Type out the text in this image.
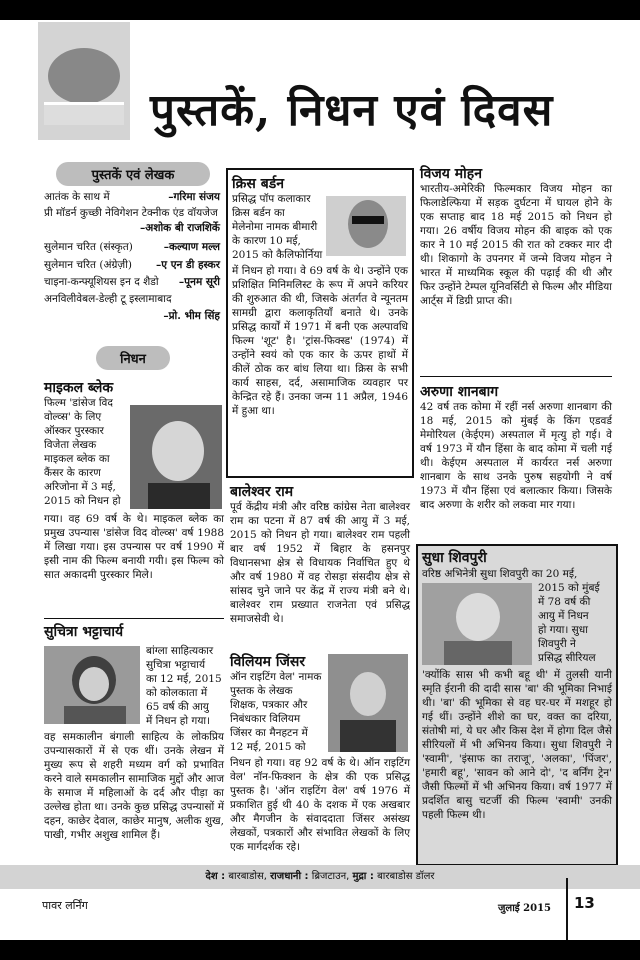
पुस्तकें, निधन एवं दिवस
पुस्तकें एवं लेखक
आतंक के साथ में	–गरिमा संजय
प्री मॉडर्न कुच्छी नेविगेशन टेक्नीक एंड वॉयजेज
–अशोक बी राजशिर्के
सुलेमान चरित (संस्कृत)	–कल्याण मल्ल
सुलेमान चरित (अंग्रेज़ी) –ए एन डी हस्कर
चाइना-कन्फ्यूशियस इन द शैडो –पूनम सूरी
अनविलीवेबल-डेल्ही टू इस्लामाबाद
–प्रो. भीम सिंह
निधन
माइकल ब्लेक
फिल्म 'डांसेज विद
वोल्व्स' के लिए
ऑस्कर पुरस्कार
विजेता लेखक
माइकल ब्लेक का
कैंसर के कारण
अरिजोना में 3 मई,
2015 को निधन हो
गया। वह 69 वर्ष के थे। माइकल ब्लेक का प्रमुख उपन्यास 'डांसेज विद वोल्व्स' वर्ष 1988 में लिखा गया। इस उपन्यास पर वर्ष 1990 में इसी नाम की फिल्म बनायी गयी। इस फिल्म को सात अकादमी पुरस्कार मिले।
सुचित्रा भट्टाचार्य
बांग्ला साहित्यकार
सुचित्रा भट्टाचार्य
का 12 मई, 2015
को कोलकाता में
65 वर्ष की आयु
में निधन हो गया।
वह समकालीन बंगाली साहित्य के लोकप्रिय उपन्यासकारों में से एक थीं। उनके लेखन में मुख्य रूप से शहरी मध्यम वर्ग को प्रभावित करने वाले समकालीन सामाजिक मुद्दों और आज के समाज में महिलाओं के दर्द और पीड़ा का उल्लेख होता था। उनके कुछ प्रसिद्ध उपन्यासों में दहन, काछेर देवाल, काछेर मानुष, अलीक शुख, पाखी, गभीर अशुख शामिल हैं।
क्रिस बर्डन
प्रसिद्ध पॉप कलाकार
क्रिस बर्डन का
मेलेनोमा नामक बीमारी
के कारण 10 मई,
2015 को कैलिफोर्निया
में निधन हो गया। वे 69 वर्ष के थे। उन्होंने एक प्रशिक्षित मिनिमलिस्ट के रूप में अपने करियर की शुरुआत की थी, जिसके अंतर्गत वे न्यूनतम सामग्री द्वारा कलाकृतियाँ बनाते थे। उनके प्रसिद्ध कार्यों में 1971 में बनी एक अल्पावधि फिल्म 'शूट' है। 'ट्रांस-फिक्स्ड' (1974) में उन्होंने स्वयं को एक कार के ऊपर हाथों में कीलें ठोक कर बांध लिया था। क्रिस के सभी कार्य साहस, दर्द, असामाजिक व्यवहार पर केन्द्रित रहे हैं। उनका जन्म 11 अप्रैल, 1946 में हुआ था।
बालेश्वर राम
पूर्व केंद्रीय मंत्री और वरिष्ठ कांग्रेस नेता बालेश्वर राम का पटना में 87 वर्ष की आयु में 3 मई, 2015 को निधन हो गया। बालेश्वर राम पहली बार वर्ष 1952 में बिहार के हसनपुर विधानसभा क्षेत्र से विधायक निर्वाचित हुए थे और वर्ष 1980 में वह रोसड़ा संसदीय क्षेत्र से सांसद चुने जाने पर केंद्र में राज्य मंत्री बने थे। बालेश्वर राम प्रख्यात राजनेता एवं प्रसिद्ध समाजसेवी थे।
विलियम जिंसर
ऑन राइटिंग वेल' नामक
पुस्तक के लेखक
शिक्षक, पत्रकार और
निबंधकार विलियम
जिंसर का मैनहटन में
12 मई, 2015 को
निधन हो गया। वह 92 वर्ष के थे। ऑन राइटिंग वेल' नॉन-फिक्शन के क्षेत्र की एक प्रसिद्ध पुस्तक है। 'ऑन राइटिंग वेल' वर्ष 1976 में प्रकाशित हुई थी 40 के दशक में एक अखबार और मैगजीन के संवाददाता जिंसर असंख्य लेखकों, पत्रकारों और संभावित लेखकों के लिए एक मार्गदर्शक रहे।
विजय मोहन
भारतीय-अमेरिकी फिल्मकार विजय मोहन का फिलाडेल्फिया में सड़क दुर्घटना में घायल होने के एक सप्ताह बाद 18 मई 2015 को निधन हो गया। 26 वर्षीय विजय मोहन की बाइक को एक कार ने 10 मई 2015 की रात को टक्कर मार दी थी। शिकागो के उपनगर में जन्मे विजय मोहन ने भारत में माध्यमिक स्कूल की पढ़ाई की थी और फिर उन्होंने टेम्पल यूनिवर्सिटी से फिल्म और मीडिया आर्ट्स में डिग्री प्राप्त की।
अरुणा शानबाग
42 वर्ष तक कोमा में रहीं नर्स अरुणा शानबाग की 18 मई, 2015 को मुंबई के किंग एडवर्ड मेमोरियल (केईएम) अस्पताल में मृत्यु हो गई। वे वर्ष 1973 में यौन हिंसा के बाद कोमा में चली गई थी। केईएम अस्पताल में कार्यरत नर्स अरुणा शानबाग के साथ उनके पुरुष सहयोगी ने वर्ष 1973 में यौन हिंसा एवं बलात्कार किया। जिसके बाद अरुणा के शरीर को लकवा मार गया।
सुधा शिवपुरी
वरिष्ठ अभिनेत्री सुधा शिवपुरी का 20 मई,
2015 को मुंबई
में 78 वर्ष की
आयु में निधन
हो गया। सुधा
शिवपुरी ने
प्रसिद्ध सीरियल
'क्योंकि सास भी कभी बहू थी' में तुलसी यानी स्मृति ईरानी की दादी सास 'बा' की भूमिका निभाई थी। 'बा' की भूमिका से वह घर-घर में मशहूर हो गई थीं। उन्होंने शीशे का घर, वक्त का दरिया, संतोषी मां, ये घर और किस देश में होगा दिल जैसे सीरियलों में भी अभिनय किया। सुधा शिवपुरी ने 'स्वामी', 'इंसाफ का तराजू', 'अलका', 'पिंजर', 'हमारी बहू', 'सावन को आने दो', 'द बर्निंग ट्रेन' जैसी फिल्मों में भी अभिनय किया। वर्ष 1977 में प्रदर्शित बासु चटर्जी की फिल्म 'स्वामी' उनकी पहली फिल्म थी।
देश : बारबाडोस, राजधानी : ब्रिजटाउन, मुद्रा : बारबाडोस डॉलर
पावर लर्निंग	जुलाई 2015 13
